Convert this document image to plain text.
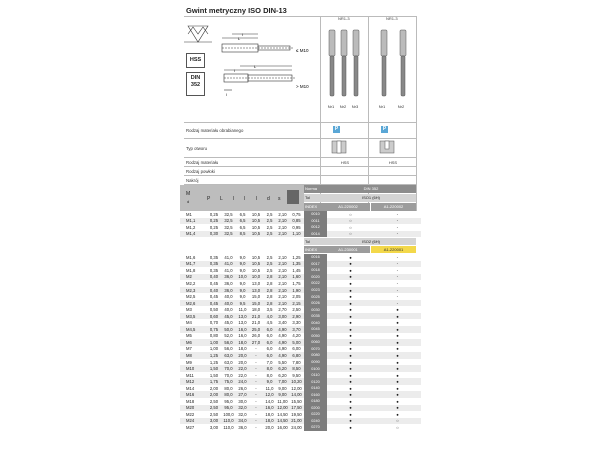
Gwint metryczny ISO DIN-13
l
L
L
l
l
≤ M10
> M10
HSS
DIN
352
NR1-3	NR1-3
Nr1 Nr2 Nr3	Nr1	Nr2
Rodzaj materiału obrabianego	P	P
Typ otworu
Rodzaj materiału	HSS	HSS
Rodzaj powłoki
Nakrój
M
d	P L l l l d s
Norma	DIN 352
Tol	ISO1 (6H)
INDEX	A1-220002	A1-220002
M1	0,25	32,5	6,5	10,5	2,5	2,10	0,75	0010	○	-
M1,1	0,25	32,5	6,5	10,5	2,5	2,10	0,85	0011	○	-
M1,2	0,25	32,5	6,5	10,5	2,5	2,10	0,95	0012	○	-
M1,4	0,30	32,5	8,5	10,5	2,5	2,10	1,10	0014	○	-
Tol	ISO2 (6H)
INDEX	A1-230001	A1-220001
M1,6	0,35	41,0	9,0	10,5	2,5	2,10	1,25	0016	●	-
M1,7	0,35	41,0	9,0	10,5	2,5	2,10	1,35	0017	●	-
M1,8	0,35	41,0	9,0	10,5	2,5	2,10	1,45	0018	●	-
M2	0,40	36,0	10,0	10,0	2,8	2,10	1,60	0020	●	-
M2,2	0,45	36,0	9,0	13,0	2,8	2,10	1,75	0022	●	-
M2,3	0,40	36,0	9,0	13,0	2,8	2,10	1,90	0023	●	-
M2,5	0,45	40,0	9,0	15,0	2,8	2,10	2,05	0025	●	-
M2,6	0,45	40,0	9,5	15,0	2,8	2,10	2,15	0026	●	-
M3	0,50	40,0	11,0	18,0	3,5	2,70	2,50	0030	●	●
M3,5	0,60	45,0	13,0	21,0	4,0	3,00	2,90	0035	●	●
M4	0,70	45,0	13,0	21,0	4,5	3,40	3,30	0040	●	●
M4,5	0,75	50,0	16,0	25,0	6,0	4,90	3,70	0045	●	●
M5	0,80	52,0	16,0	26,0	6,0	4,90	4,20	0050	●	●
M6	1,00	56,0	18,0	27,0	6,0	4,90	5,00	0060	●	●
M7	1,00	56,0	18,0	-	6,0	4,90	6,00	0070	●	●
M8	1,25	63,0	20,0	-	6,0	4,90	6,80	0080	●	●
M9	1,25	63,0	20,0	-	7,0	5,50	7,80	0090	●	●
M10	1,50	70,0	22,0	-	8,0	6,20	8,50	0100	●	●
M11	1,50	70,0	22,0	-	8,0	6,20	9,50	0110	●	●
M12	1,75	75,0	24,0	-	9,0	7,00	10,20	0120	●	●
M14	2,00	80,0	26,0	-	11,0	9,00	12,00	0140	●	●
M16	2,00	80,0	27,0	-	12,0	9,00	14,00	0160	●	●
M18	2,50	95,0	30,0	-	14,0	11,00	15,50	0180	●	●
M20	2,50	95,0	32,0	-	16,0	12,00	17,50	0200	●	●
M22	2,50	100,0	32,0	-	18,0	14,50	19,50	0220	●	●
M24	3,00	110,0	34,0	-	18,0	14,50	21,00	0240	●	○
M27	3,00	110,0	36,0	-	20,0	16,00	24,00	0270	●	○
